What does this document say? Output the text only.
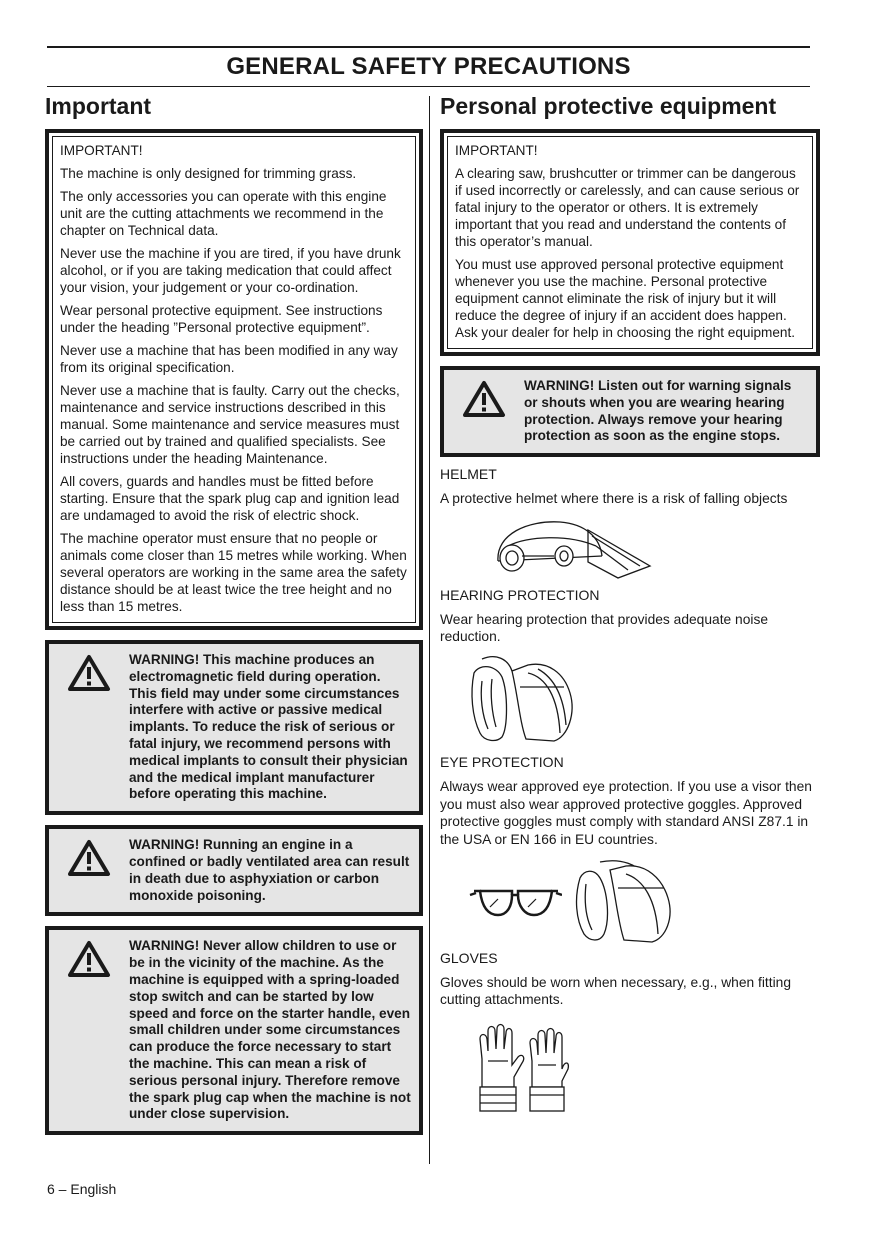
GENERAL SAFETY PRECAUTIONS
Important

IMPORTANT!

The machine is only designed for trimming grass.

The only accessories you can operate with this engine unit are the cutting attachments we recommend in the chapter on Technical data.

Never use the machine if you are tired, if you have drunk alcohol, or if you are taking medication that could affect your vision, your judgement or your co-ordination.

Wear personal protective equipment. See instructions under the heading ”Personal protective equipment”.

Never use a machine that has been modified in any way from its original specification.

Never use a machine that is faulty. Carry out the checks, maintenance and service instructions described in this manual. Some maintenance and service measures must be carried out by trained and qualified specialists. See instructions under the heading Maintenance.

All covers, guards and handles must be fitted before starting. Ensure that the spark plug cap and ignition lead are undamaged to avoid the risk of electric shock.

The machine operator must ensure that no people or animals come closer than 15 metres while working. When several operators are working in the same area the safety distance should be at least twice the tree height and no less than 15 metres.

WARNING! This machine produces an electromagnetic field during operation. This field may under some circumstances interfere with active or passive medical implants. To reduce the risk of serious or fatal injury, we recommend persons with medical implants to consult their physician and the medical implant manufacturer before operating this machine.
WARNING! Running an engine in a confined or badly ventilated area can result in death due to asphyxiation or carbon monoxide poisoning.
WARNING! Never allow children to use or be in the vicinity of the machine. As the machine is equipped with a spring-loaded stop switch and can be started by low speed and force on the starter handle, even small children under some circumstances can produce the force necessary to start the machine. This can mean a risk of serious personal injury. Therefore remove the spark plug cap when the machine is not under close supervision.
Personal protective equipment

IMPORTANT!

A clearing saw, brushcutter or trimmer can be dangerous if used incorrectly or carelessly, and can cause serious or fatal injury to the operator or others. It is extremely important that you read and understand the contents of this operator’s manual.

You must use approved personal protective equipment whenever you use the machine. Personal protective equipment cannot eliminate the risk of injury but it will reduce the degree of injury if an accident does happen. Ask your dealer for help in choosing the right equipment.

WARNING! Listen out for warning signals or shouts when you are wearing hearing protection. Always remove your hearing protection as soon as the engine stops.
HELMET
A protective helmet where there is a risk of falling objects
HEARING PROTECTION
Wear hearing protection that provides adequate noise reduction.
EYE PROTECTION
Always wear approved eye protection. If you use a visor then you must also wear approved protective goggles. Approved protective goggles must comply with standard ANSI Z87.1 in the USA or EN 166 in EU countries.
GLOVES
Gloves should be worn when necessary, e.g., when fitting cutting attachments.
6 – English
